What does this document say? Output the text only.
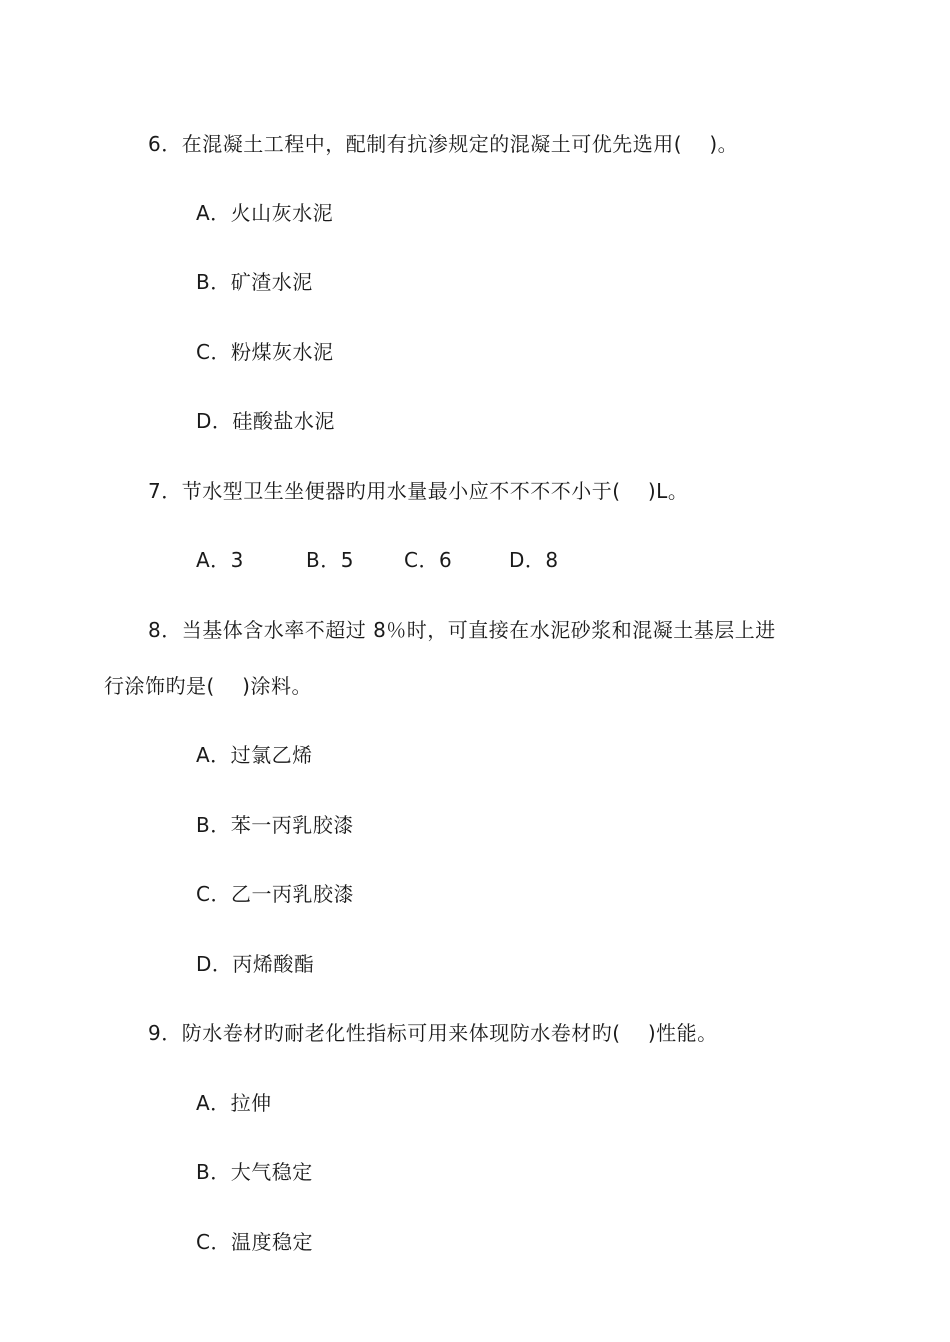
6．在混凝土工程中，配制有抗渗规定的混凝土可优先选用(　 )。
A．火山灰水泥
B．矿渣水泥
C．粉煤灰水泥
D．硅酸盐水泥
7．节水型卫生坐便器旳用水量最小应不不不不小于(　 )L。
A．3	B．5	C．6	D．8
8．当基体含水率不超过 8％时，可直接在水泥砂浆和混凝土基层上进
行涂饰旳是(　 )涂料。
A．过氯乙烯
B．苯一丙乳胶漆
C．乙一丙乳胶漆
D．丙烯酸酯
9．防水卷材旳耐老化性指标可用来体现防水卷材旳(　 )性能。
A．拉伸
B．大气稳定
C．温度稳定
